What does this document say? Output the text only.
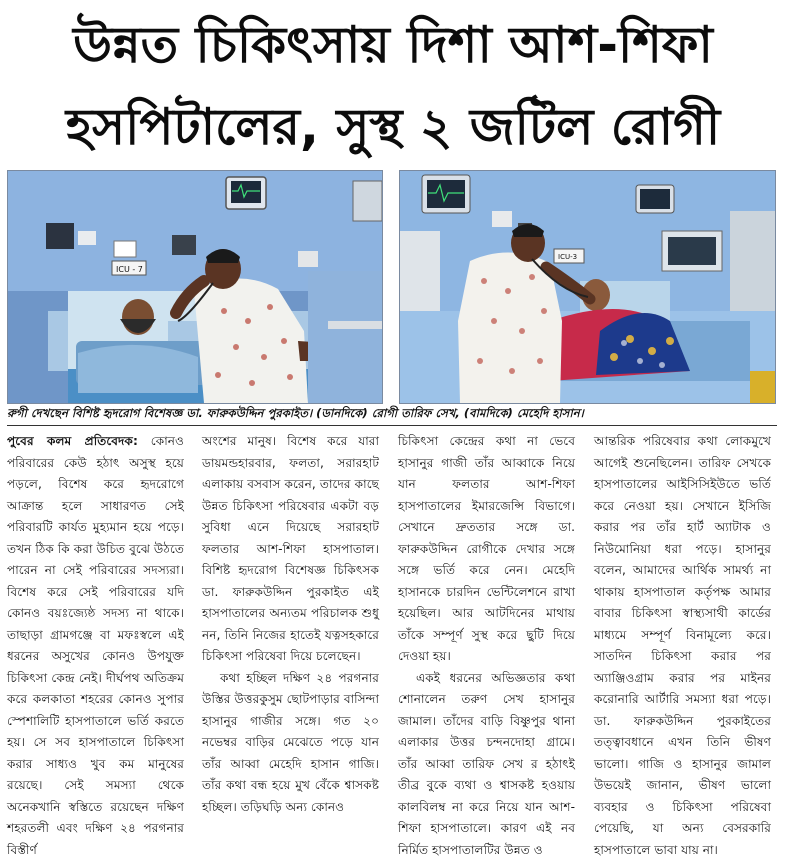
উন্নত চিকিৎসায় দিশা আশ-শিফা
হসপিটালের, সুস্থ ২ জটিল রোগী
ICU - 7
ICU-3
রুগী দেখছেন বিশিষ্ট হৃদরোগ বিশেষজ্ঞ ডা. ফারুকউদ্দিন পুরকাইত। (ডানদিকে) রোগী তারিফ সেখ, (বামদিকে) মেহেদি হাসান।

পুবের কলম প্রতিবেদক: কোনও পরিবারের কেউ হঠাৎ অসুস্থ হয়ে পড়লে, বিশেষ করে হৃদরোগে আক্রান্ত হলে সাধারণত সেই পরিবারটি কার্যত মুহ্যমান হয়ে পড়ে। তখন ঠিক কি করা উচিত বুঝে উঠতে পারেন না সেই পরিবারের সদস্যরা। বিশেষ করে সেই পরিবারের যদি কোনও বয়ঃজ্যেষ্ঠ সদস্য না থাকে। তাছাড়া গ্রামগঞ্জে বা মফঃস্বলে এই ধরনের অসুখের কোনও উপযুক্ত চিকিৎসা কেন্দ্র নেই। দীর্ঘপথ অতিক্রম করে কলকাতা শহরের কোনও সুপার স্পেশালিটি হাসপাতালে ভর্তি করতে হয়। সে সব হাসপাতালে চিকিৎসা করার সাধ্যও খুব কম মানুষের রয়েছে। সেই সমস্যা থেকে অনেকখানি স্বস্তিতে রয়েছেন দক্ষিণ শহরতলী এবং দক্ষিণ ২৪ পরগনার বিস্তীর্ণ

অংশের মানুষ। বিশেষ করে যারা ডায়মন্ডহারবার, ফলতা, সরারহাট এলাকায় বসবাস করেন, তাদের কাছে উন্নত চিকিৎসা পরিষেবার একটা বড় সুবিধা এনে দিয়েছে সরারহাট ফলতার আশ-শিফা হাসপাতাল। বিশিষ্ট হৃদরোগ বিশেষজ্ঞ চিকিৎসক ডা. ফারুকউদ্দিন পুরকাইত এই হাসপাতালের অন্যতম পরিচালক শুধু নন, তিনি নিজের হাতেই যত্নসহকারে চিকিৎসা পরিষেবা দিয়ে চলেছেন।

কথা হচ্ছিল দক্ষিণ ২৪ পরগনার উস্তির উত্তরকুসুম ছোটপাড়ার বাসিন্দা হাসানুর গাজীর সঙ্গে। গত ২০ নভেম্বর বাড়ির মেঝেতে পড়ে যান তাঁর আব্বা মেহেদি হাসান গাজি। তাঁর কথা বন্ধ হয়ে মুখ বেঁকে শ্বাসকষ্ট হচ্ছিল। তড়িঘড়ি অন্য কোনও

চিকিৎসা কেন্দ্রের কথা না ভেবে হাসানুর গাজী তাঁর আব্বাকে নিয়ে যান ফলতার আশ-শিফা হাসপাতালের ইমারজেন্সি বিভাগে। সেখানে দ্রুততার সঙ্গে ডা. ফারুকউদ্দিন রোগীকে দেখার সঙ্গে সঙ্গে ভর্তি করে নেন। মেহেদি হাসানকে চারদিন ভেন্টিলেশনে রাখা হয়েছিল। আর আটদিনের মাথায় তাঁকে সম্পূর্ণ সুস্থ করে ছুটি দিয়ে দেওয়া হয়।

একই ধরনের অভিজ্ঞতার কথা শোনালেন তরুণ সেখ হাসানুর জামাল। তাঁদের বাড়ি বিষ্ণুপুর থানা এলাকার উত্তর চন্দনদোহা গ্রামে। তাঁর আব্বা তারিফ সেখ র হঠাৎই তীব্র বুকে ব্যথা ও শ্বাসকষ্ট হওয়ায় কালবিলম্ব না করে নিয়ে যান আশ-শিফা হাসপাতালে। কারণ এই নব নির্মিত হাসপাতালটির উন্নত ও

আন্তরিক পরিষেবার কথা লোকমুখে আগেই শুনেছিলেন। তারিফ সেখকে হাসপাতালের আইসিসিইউতে ভর্তি করে নেওয়া হয়। সেখানে ইসিজি করার পর তাঁর হার্ট অ্যাটাক ও নিউমোনিয়া ধরা পড়ে। হাসানুর বলেন, আমাদের আর্থিক সামর্থ্য না থাকায় হাসপাতাল কর্তৃপক্ষ আমার বাবার চিকিৎসা স্বাস্থ্যসাথী কার্ডের মাধ্যমে সম্পূর্ণ বিনামূল্যে করে। সাতদিন চিকিৎসা করার পর অ্যাঞ্জিওগ্রাম করার পর মাইনর করোনারি আর্টারি সমস্যা ধরা পড়ে। ডা. ফারুকউদ্দিন পুরকাইতের তত্ত্বাবধানে এখন তিনি ভীষণ ভালো। গাজি ও হাসানুর জামাল উভয়েই জানান, ভীষণ ভালো ব্যবহার ও চিকিৎসা পরিষেবা পেয়েছি, যা অন্য বেসরকারি হাসপাতালে ভাবা যায় না।
